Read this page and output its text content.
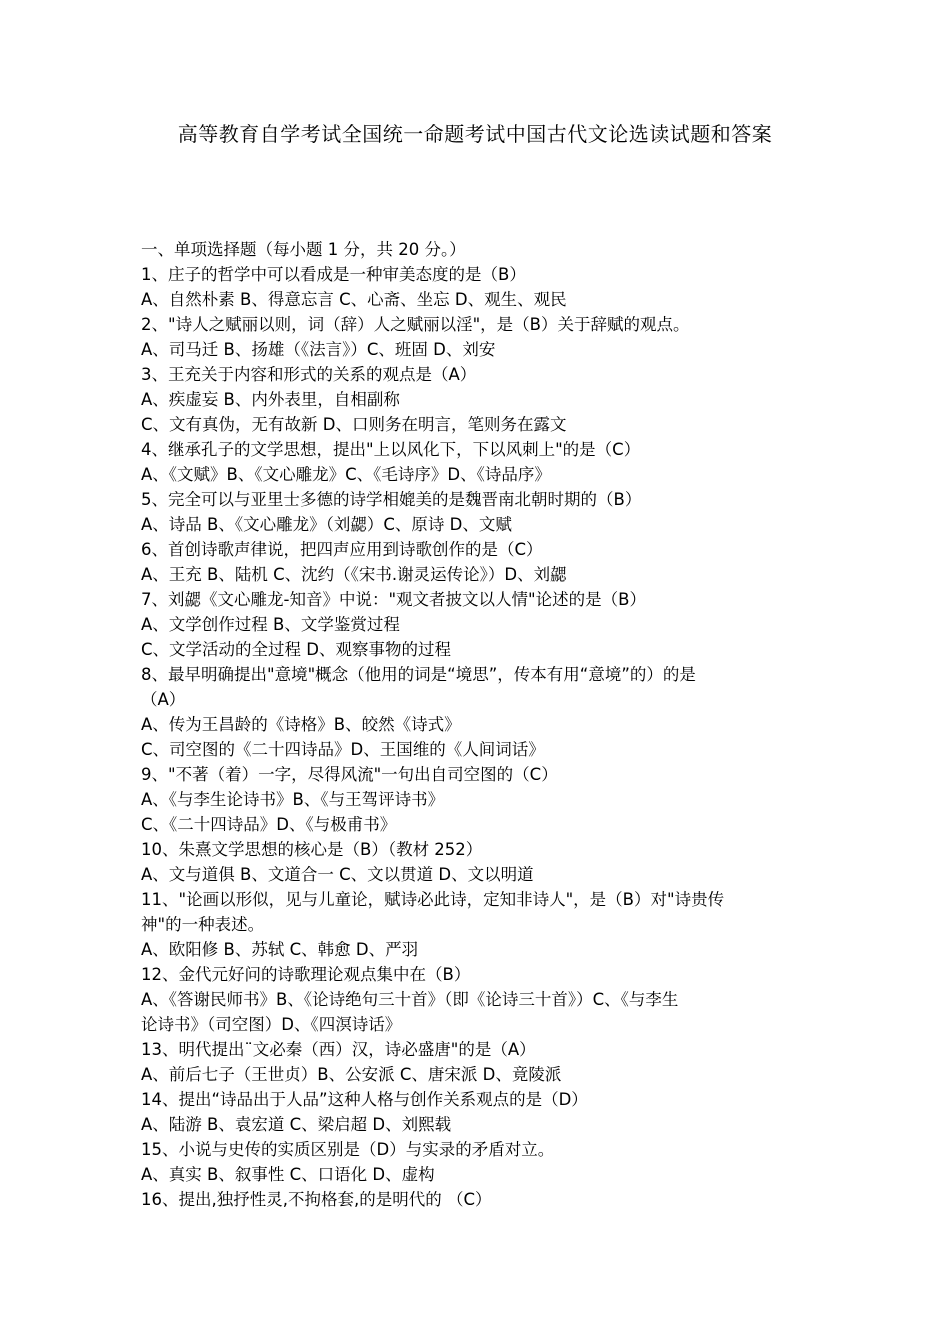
高等教育自学考试全国统一命题考试中国古代文论选读试题和答案
一、单项选择题（每小题 1 分，共 20 分。）
1、庄子的哲学中可以看成是一种审美态度的是（B）
A、自然朴素 B、得意忘言 C、心斋、坐忘 D、观生、观民
2、"诗人之赋丽以则，词（辞）人之赋丽以淫"，是（B）关于辞赋的观点。
A、司马迁 B、扬雄（《法言》）C、班固 D、刘安
3、王充关于内容和形式的关系的观点是（A）
A、疾虚妄 B、内外表里，自相副称
C、文有真伪，无有故新 D、口则务在明言，笔则务在露文
4、继承孔子的文学思想，提出"上以风化下，下以风刺上"的是（C）
A、《文赋》B、《文心雕龙》C、《毛诗序》D、《诗品序》
5、完全可以与亚里士多德的诗学相媲美的是魏晋南北朝时期的（B）
A、诗品 B、《文心雕龙》（刘勰）C、原诗 D、文赋
6、首创诗歌声律说，把四声应用到诗歌创作的是（C）
A、王充 B、陆机 C、沈约（《宋书.谢灵运传论》）D、刘勰
7、刘勰《文心雕龙-知音》中说："观文者披文以人情"论述的是（B）
A、文学创作过程 B、文学鉴赏过程
C、文学活动的全过程 D、观察事物的过程
8、最早明确提出"意境"概念（他用的词是“境思”，传本有用“意境”的）的是
（A）
A、传为王昌龄的《诗格》B、皎然《诗式》
C、司空图的《二十四诗品》D、王国维的《人间词话》
9、"不著（着）一字，尽得风流"一句出自司空图的（C）
A、《与李生论诗书》B、《与王驾评诗书》
C、《二十四诗品》D、《与极甫书》
10、朱熹文学思想的核心是（B）（教材 252）
A、文与道俱 B、文道合一 C、文以贯道 D、文以明道
11、"论画以形似，见与儿童论，赋诗必此诗，定知非诗人"，是（B）对"诗贵传
神"的一种表述。
A、欧阳修 B、苏轼 C、韩愈 D、严羽
12、金代元好问的诗歌理论观点集中在（B）
A、《答谢民师书》B、《论诗绝句三十首》（即《论诗三十首》）C、《与李生
论诗书》（司空图）D、《四溟诗话》
13、明代提出¨文必秦（西）汉，诗必盛唐"的是（A）
A、前后七子（王世贞）B、公安派 C、唐宋派 D、竟陵派
14、提出“诗品出于人品”这种人格与创作关系观点的是（D）
A、陆游 B、袁宏道 C、梁启超 D、刘熙载
15、小说与史传的实质区别是（D）与实录的矛盾对立。
A、真实 B、叙事性 C、口语化 D、虚构
16、提出,独抒性灵,不拘格套,的是明代的 （C）
